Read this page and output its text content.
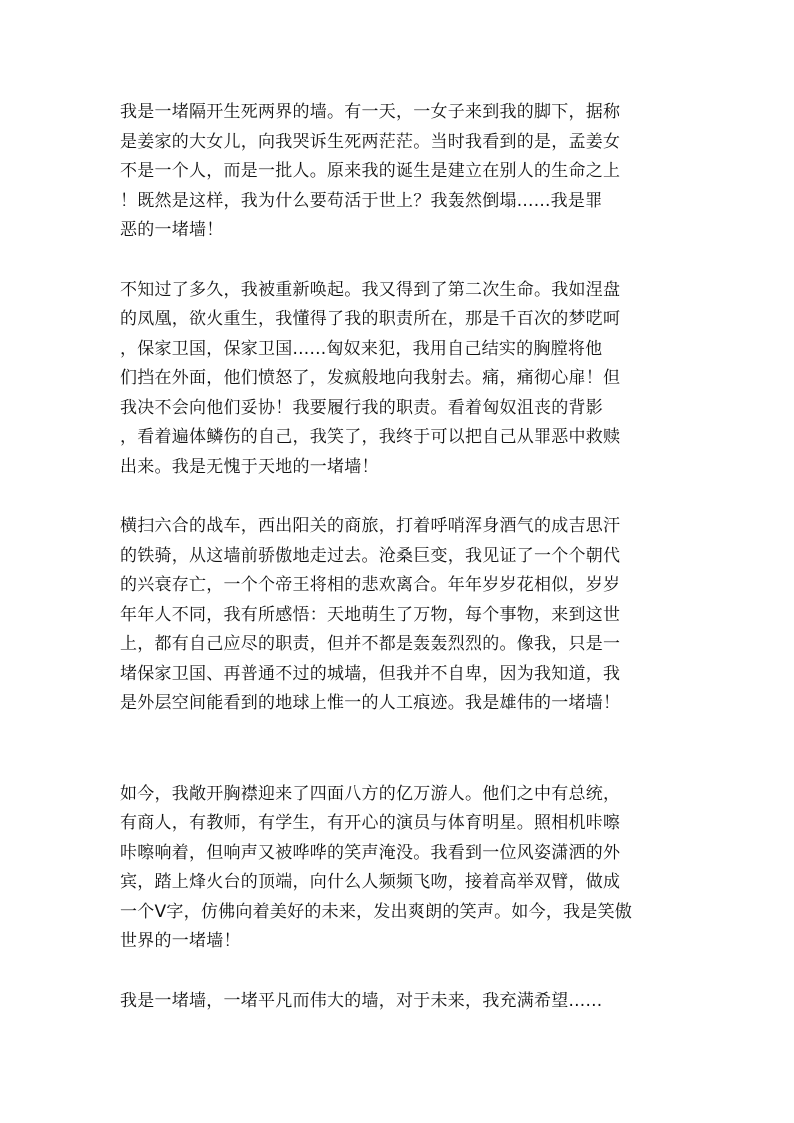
我是一堵隔开生死两界的墙。有一天，一女子来到我的脚下，据称
是姜家的大女儿，向我哭诉生死两茫茫。当时我看到的是，孟姜女
不是一个人，而是一批人。原来我的诞生是建立在别人的生命之上
！既然是这样，我为什么要苟活于世上？我轰然倒塌......我是罪
恶的一堵墙！

不知过了多久，我被重新唤起。我又得到了第二次生命。我如涅盘
的凤凰，欲火重生，我懂得了我的职责所在，那是千百次的梦呓呵
，保家卫国，保家卫国......匈奴来犯，我用自己结实的胸膛将他
们挡在外面，他们愤怒了，发疯般地向我射去。痛，痛彻心扉！但
我决不会向他们妥协！我要履行我的职责。看着匈奴沮丧的背影
，看着遍体鳞伤的自己，我笑了，我终于可以把自己从罪恶中救赎
出来。我是无愧于天地的一堵墙！

横扫六合的战车，西出阳关的商旅，打着呼哨浑身酒气的成吉思汗
的铁骑，从这墙前骄傲地走过去。沧桑巨变，我见证了一个个朝代
的兴衰存亡，一个个帝王将相的悲欢离合。年年岁岁花相似，岁岁
年年人不同，我有所感悟：天地萌生了万物，每个事物，来到这世
上，都有自己应尽的职责，但并不都是轰轰烈烈的。像我，只是一
堵保家卫国、再普通不过的城墙，但我并不自卑，因为我知道，我
是外层空间能看到的地球上惟一的人工痕迹。我是雄伟的一堵墙！

如今，我敞开胸襟迎来了四面八方的亿万游人。他们之中有总统，
有商人，有教师，有学生，有开心的演员与体育明星。照相机咔嚓
咔嚓响着，但响声又被哗哗的笑声淹没。我看到一位风姿潇洒的外
宾，踏上烽火台的顶端，向什么人频频飞吻，接着高举双臂，做成
一个V字，仿佛向着美好的未来，发出爽朗的笑声。如今，我是笑傲
世界的一堵墙！

我是一堵墙，一堵平凡而伟大的墙，对于未来，我充满希望......
